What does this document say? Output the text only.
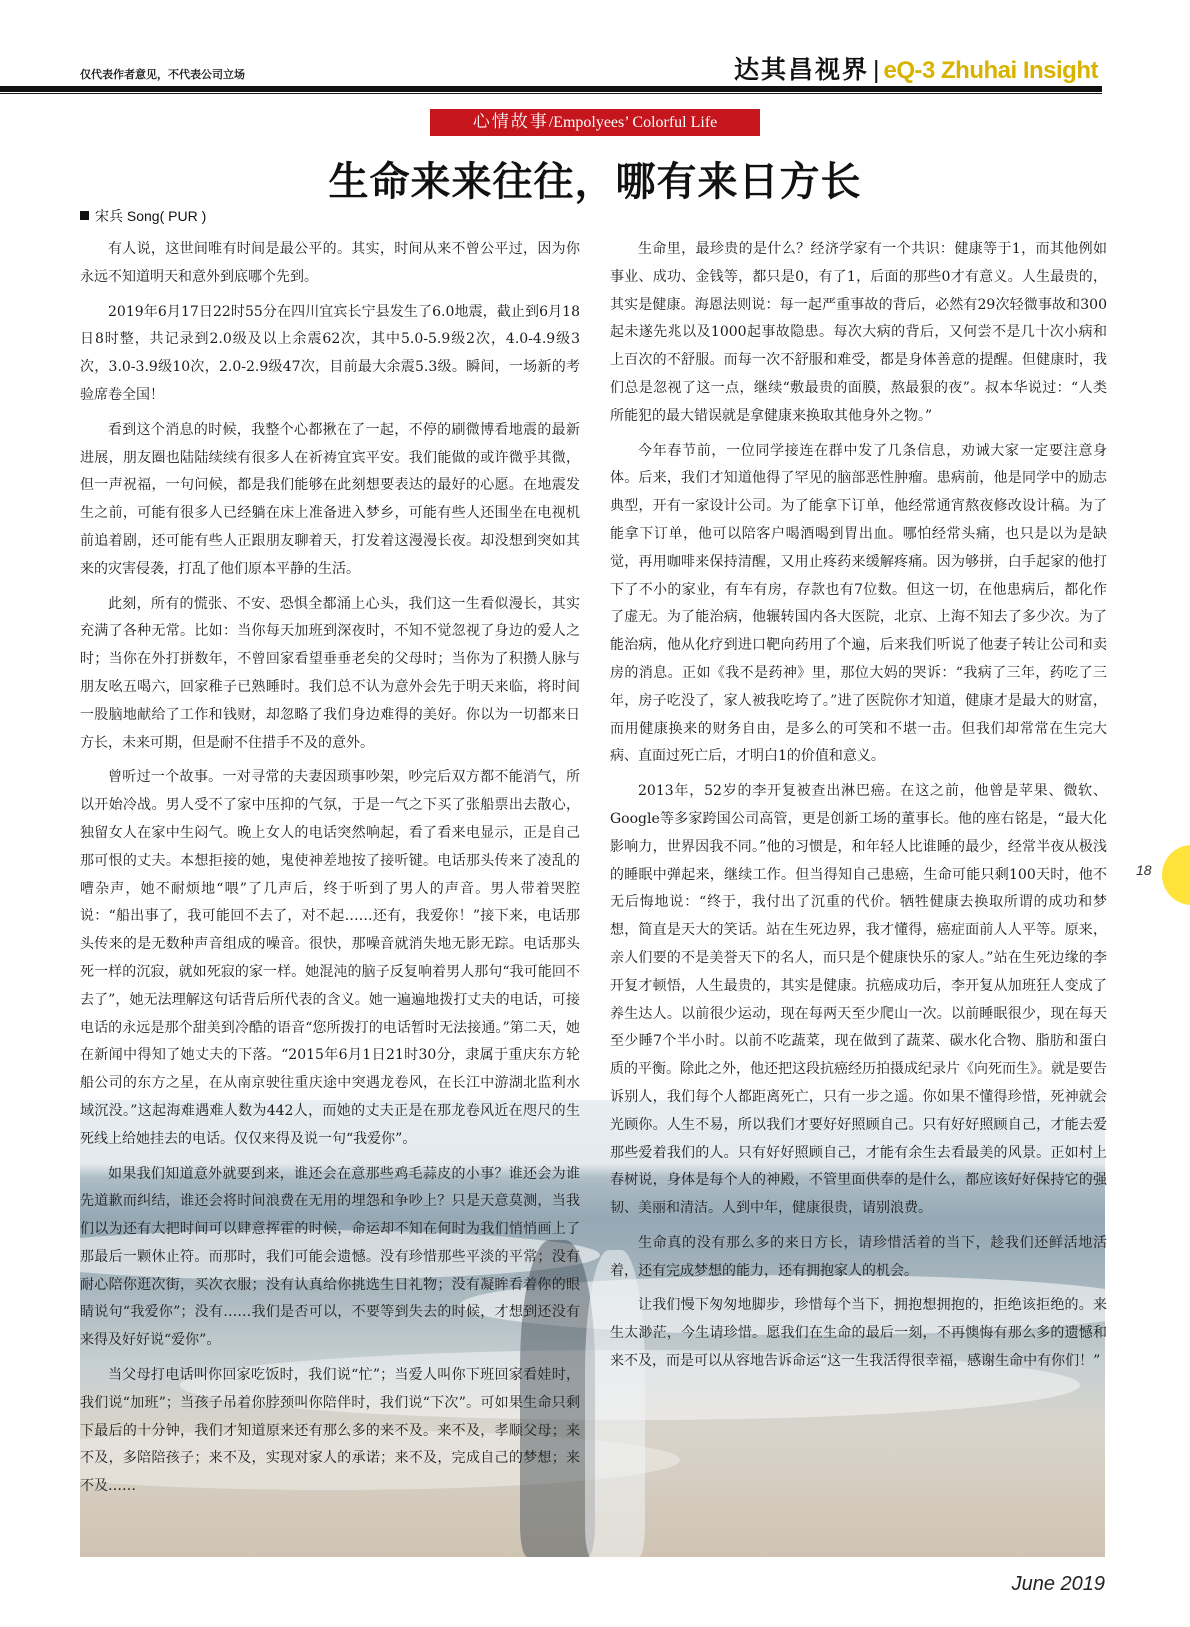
仅代表作者意见，不代表公司立场	达其昌视界 | eQ-3 Zhuhai Insight
心情故事/Empolyees’ Colorful Life
生命来来往往，哪有来日方长
宋兵 Song( PUR )

有人说，这世间唯有时间是最公平的。其实，时间从来不曾公平过，因为你永远不知道明天和意外到底哪个先到。

2019年6月17日22时55分在四川宜宾长宁县发生了6.0地震，截止到6月18日8时整，共记录到2.0级及以上余震62次，其中5.0-5.9级2次，4.0-4.9级3次，3.0-3.9级10次，2.0-2.9级47次，目前最大余震5.3级。瞬间，一场新的考验席卷全国！

看到这个消息的时候，我整个心都揪在了一起，不停的刷微博看地震的最新进展，朋友圈也陆陆续续有很多人在祈祷宜宾平安。我们能做的或许微乎其微，但一声祝福，一句问候，都是我们能够在此刻想要表达的最好的心愿。在地震发生之前，可能有很多人已经躺在床上准备进入梦乡，可能有些人还围坐在电视机前追着剧，还可能有些人正跟朋友聊着天，打发着这漫漫长夜。却没想到突如其来的灾害侵袭，打乱了他们原本平静的生活。

此刻，所有的慌张、不安、恐惧全都涌上心头，我们这一生看似漫长，其实充满了各种无常。比如：当你每天加班到深夜时，不知不觉忽视了身边的爱人之时；当你在外打拼数年，不曾回家看望垂垂老矣的父母时；当你为了积攒人脉与朋友吆五喝六，回家稚子已熟睡时。我们总不认为意外会先于明天来临，将时间一股脑地献给了工作和钱财，却忽略了我们身边难得的美好。你以为一切都来日方长，未来可期，但是耐不住措手不及的意外。

曾听过一个故事。一对寻常的夫妻因琐事吵架，吵完后双方都不能消气，所以开始冷战。男人受不了家中压抑的气氛，于是一气之下买了张船票出去散心，独留女人在家中生闷气。晚上女人的电话突然响起，看了看来电显示，正是自己那可恨的丈夫。本想拒接的她，鬼使神差地按了接听键。电话那头传来了凌乱的嘈杂声，她不耐烦地“喂”了几声后，终于听到了男人的声音。男人带着哭腔说：“船出事了，我可能回不去了，对不起……还有，我爱你！”接下来，电话那头传来的是无数种声音组成的噪音。很快，那噪音就消失地无影无踪。电话那头死一样的沉寂，就如死寂的家一样。她混沌的脑子反复响着男人那句“我可能回不去了”，她无法理解这句话背后所代表的含义。她一遍遍地拨打丈夫的电话，可接电话的永远是那个甜美到冷酷的语音“您所拨打的电话暂时无法接通。”第二天，她在新闻中得知了她丈夫的下落。“2015年6月1日21时30分，隶属于重庆东方轮船公司的东方之星，在从南京驶往重庆途中突遇龙卷风，在长江中游湖北监利水域沉没。”这起海难遇难人数为442人，而她的丈夫正是在那龙卷风近在咫尺的生死线上给她挂去的电话。仅仅来得及说一句“我爱你”。

如果我们知道意外就要到来，谁还会在意那些鸡毛蒜皮的小事？谁还会为谁先道歉而纠结，谁还会将时间浪费在无用的埋怨和争吵上？只是天意莫测，当我们以为还有大把时间可以肆意挥霍的时候，命运却不知在何时为我们悄悄画上了那最后一颗休止符。而那时，我们可能会遗憾。没有珍惜那些平淡的平常；没有耐心陪你逛次街，买次衣服；没有认真给你挑选生日礼物；没有凝眸看着你的眼睛说句“我爱你”；没有……我们是否可以，不要等到失去的时候，才想到还没有来得及好好说“爱你”。

当父母打电话叫你回家吃饭时，我们说“忙”；当爱人叫你下班回家看娃时，我们说“加班”；当孩子吊着你脖颈叫你陪伴时，我们说“下次”。可如果生命只剩下最后的十分钟，我们才知道原来还有那么多的来不及。来不及，孝顺父母；来不及，多陪陪孩子；来不及，实现对家人的承诺；来不及，完成自己的梦想；来不及……

生命里，最珍贵的是什么？经济学家有一个共识：健康等于1，而其他例如事业、成功、金钱等，都只是0，有了1，后面的那些0才有意义。人生最贵的，其实是健康。海恩法则说：每一起严重事故的背后，必然有29次轻微事故和300起未遂先兆以及1000起事故隐患。每次大病的背后，又何尝不是几十次小病和上百次的不舒服。而每一次不舒服和难受，都是身体善意的提醒。但健康时，我们总是忽视了这一点，继续“敷最贵的面膜，熬最狠的夜”。叔本华说过：“人类所能犯的最大错误就是拿健康来换取其他身外之物。”

今年春节前，一位同学接连在群中发了几条信息，劝诫大家一定要注意身体。后来，我们才知道他得了罕见的脑部恶性肿瘤。患病前，他是同学中的励志典型，开有一家设计公司。为了能拿下订单，他经常通宵熬夜修改设计稿。为了能拿下订单，他可以陪客户喝酒喝到胃出血。哪怕经常头痛，也只是以为是缺觉，再用咖啡来保持清醒，又用止疼药来缓解疼痛。因为够拼，白手起家的他打下了不小的家业，有车有房，存款也有7位数。但这一切，在他患病后，都化作了虚无。为了能治病，他辗转国内各大医院，北京、上海不知去了多少次。为了能治病，他从化疗到进口靶向药用了个遍，后来我们听说了他妻子转让公司和卖房的消息。正如《我不是药神》里，那位大妈的哭诉：“我病了三年，药吃了三年，房子吃没了，家人被我吃垮了。”进了医院你才知道，健康才是最大的财富，而用健康换来的财务自由，是多么的可笑和不堪一击。但我们却常常在生完大病、直面过死亡后，才明白1的价值和意义。

2013年，52岁的李开复被查出淋巴癌。在这之前，他曾是苹果、微软、Google等多家跨国公司高管，更是创新工场的董事长。他的座右铭是，“最大化影响力，世界因我不同。”他的习惯是，和年轻人比谁睡的最少，经常半夜从极浅的睡眠中弹起来，继续工作。但当得知自己患癌，生命可能只剩100天时，他不无后悔地说：“终于，我付出了沉重的代价。牺牲健康去换取所谓的成功和梦想，简直是天大的笑话。站在生死边界，我才懂得，癌症面前人人平等。原来，亲人们要的不是美誉天下的名人，而只是个健康快乐的家人。”站在生死边缘的李开复才顿悟，人生最贵的，其实是健康。抗癌成功后，李开复从加班狂人变成了养生达人。以前很少运动，现在每两天至少爬山一次。以前睡眠很少，现在每天至少睡7个半小时。以前不吃蔬菜，现在做到了蔬菜、碳水化合物、脂肪和蛋白质的平衡。除此之外，他还把这段抗癌经历拍摄成纪录片《向死而生》。就是要告诉别人，我们每个人都距离死亡，只有一步之遥。你如果不懂得珍惜，死神就会光顾你。人生不易，所以我们才要好好照顾自己。只有好好照顾自己，才能去爱那些爱着我们的人。只有好好照顾自己，才能有余生去看最美的风景。正如村上春树说，身体是每个人的神殿，不管里面供奉的是什么，都应该好好保持它的强韧、美丽和清洁。人到中年，健康很贵，请别浪费。

生命真的没有那么多的来日方长，请珍惜活着的当下，趁我们还鲜活地活着，还有完成梦想的能力，还有拥抱家人的机会。

让我们慢下匆匆地脚步，珍惜每个当下，拥抱想拥抱的，拒绝该拒绝的。来生太渺茫，今生请珍惜。愿我们在生命的最后一刻，不再懊悔有那么多的遗憾和来不及，而是可以从容地告诉命运“这一生我活得很幸福，感谢生命中有你们！”

18
June 2019
